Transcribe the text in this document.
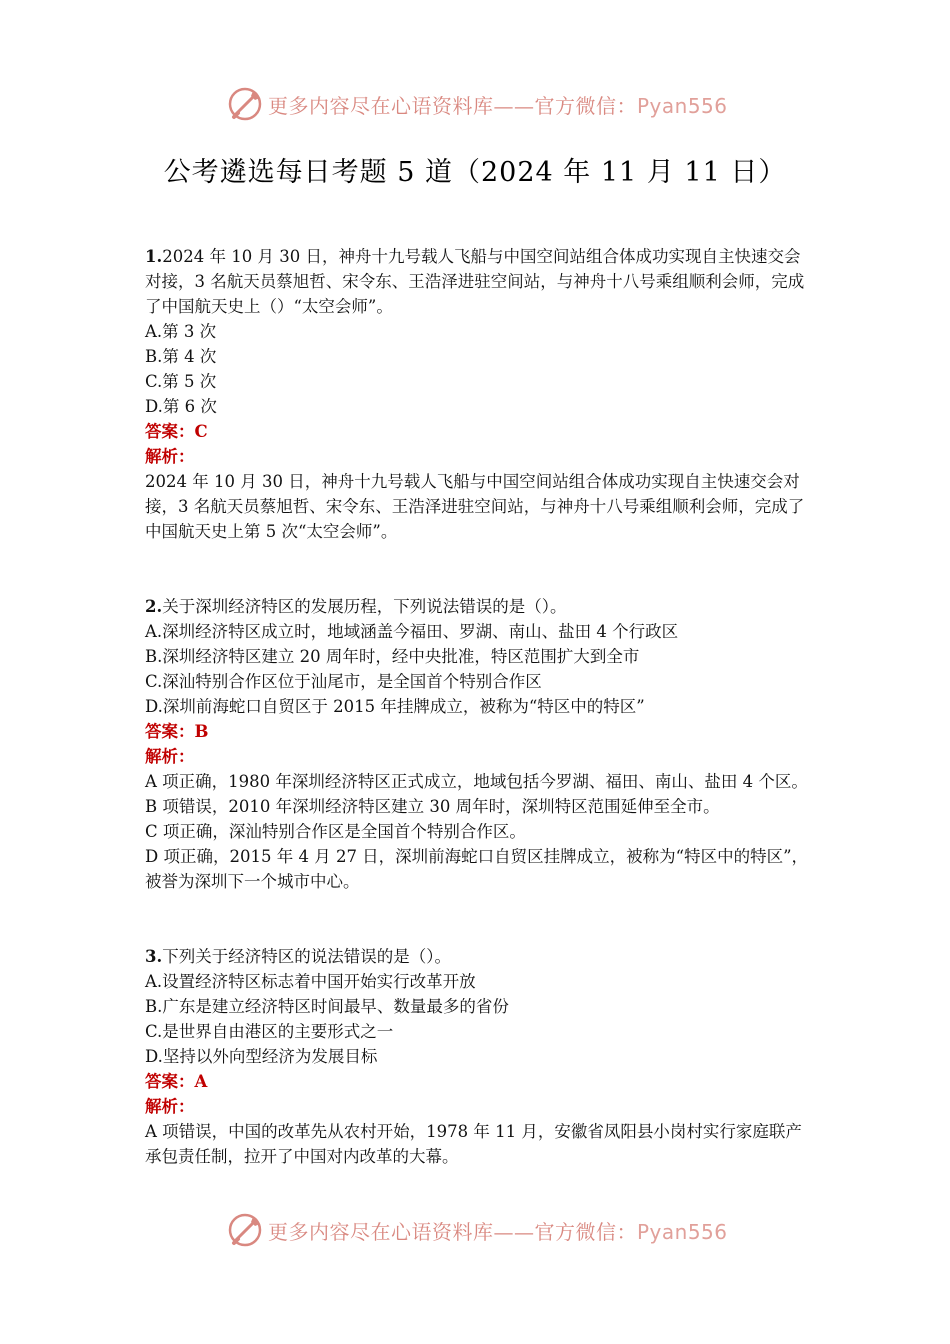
更多内容尽在心语资料库——官方微信：Pyan556
公考遴选每日考题 5 道（2024 年 11 月 11 日）

1.2024 年 10 月 30 日，神舟十九号载人飞船与中国空间站组合体成功实现自主快速交会对接，3 名航天员蔡旭哲、宋令东、王浩泽进驻空间站，与神舟十八号乘组顺利会师，完成了中国航天史上（）“太空会师”。

A.第 3 次

B.第 4 次

C.第 5 次

D.第 6 次

答案：C

解析：

2024 年 10 月 30 日，神舟十九号载人飞船与中国空间站组合体成功实现自主快速交会对接，3 名航天员蔡旭哲、宋令东、王浩泽进驻空间站，与神舟十八号乘组顺利会师，完成了中国航天史上第 5 次“太空会师”。

2.关于深圳经济特区的发展历程，下列说法错误的是（）。

A.深圳经济特区成立时，地域涵盖今福田、罗湖、南山、盐田 4 个行政区

B.深圳经济特区建立 20 周年时，经中央批准，特区范围扩大到全市

C.深汕特别合作区位于汕尾市，是全国首个特别合作区

D.深圳前海蛇口自贸区于 2015 年挂牌成立，被称为“特区中的特区”

答案：B

解析：

A 项正确，1980 年深圳经济特区正式成立，地域包括今罗湖、福田、南山、盐田 4 个区。

B 项错误，2010 年深圳经济特区建立 30 周年时，深圳特区范围延伸至全市。

C 项正确，深汕特别合作区是全国首个特别合作区。

D 项正确，2015 年 4 月 27 日，深圳前海蛇口自贸区挂牌成立，被称为“特区中的特区”，被誉为深圳下一个城市中心。

3.下列关于经济特区的说法错误的是（）。

A.设置经济特区标志着中国开始实行改革开放

B.广东是建立经济特区时间最早、数量最多的省份

C.是世界自由港区的主要形式之一

D.坚持以外向型经济为发展目标

答案：A

解析：

A 项错误，中国的改革先从农村开始，1978 年 11 月，安徽省凤阳县小岗村实行家庭联产承包责任制，拉开了中国对内改革的大幕。

更多内容尽在心语资料库——官方微信：Pyan556
